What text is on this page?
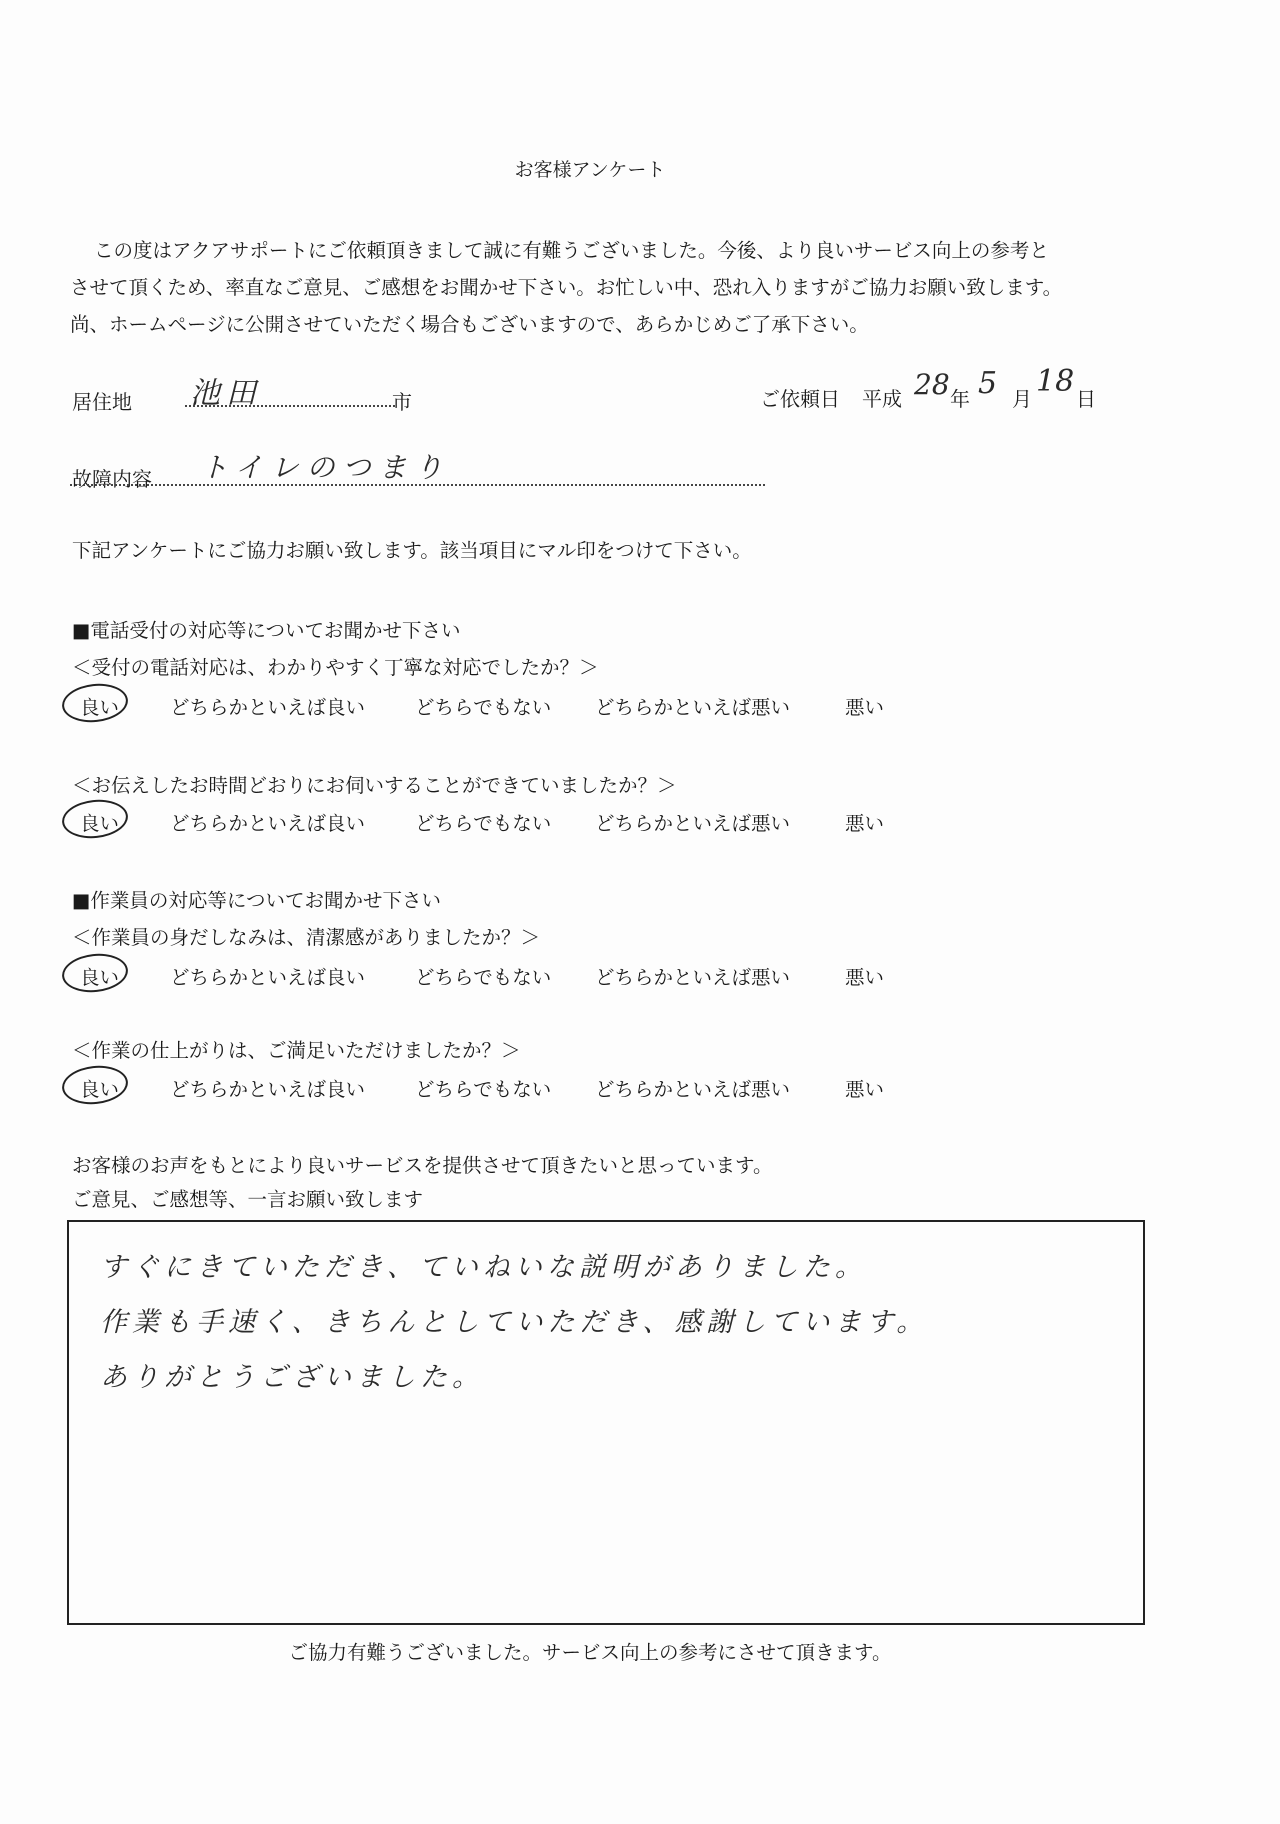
お客様アンケート

この度はアクアサポートにご依頼頂きまして誠に有難うございました。今後、より良いサービス向上の参考と

させて頂くため、率直なご意見、ご感想をお聞かせ下さい。お忙しい中、恐れ入りますがご協力お願い致します。

尚、ホームページに公開させていただく場合もございますので、あらかじめご了承下さい。

居住地 池田	市	ご依頼日 平成 28 年 5 月 18 日
故障内容 トイレのつまり
下記アンケートにご協力お願い致します。該当項目にマル印をつけて下さい。
■電話受付の対応等についてお聞かせ下さい
＜受付の電話対応は、わかりやすく丁寧な対応でしたか？＞
良い	どちらかといえば良い	どちらでもない	どちらかといえば悪い	悪い
＜お伝えしたお時間どおりにお伺いすることができていましたか？＞
良い	どちらかといえば良い	どちらでもない	どちらかといえば悪い	悪い
■作業員の対応等についてお聞かせ下さい
＜作業員の身だしなみは、清潔感がありましたか？＞
良い	どちらかといえば良い	どちらでもない	どちらかといえば悪い	悪い
＜作業の仕上がりは、ご満足いただけましたか？＞
良い	どちらかといえば良い	どちらでもない	どちらかといえば悪い	悪い
お客様のお声をもとにより良いサービスを提供させて頂きたいと思っています。
ご意見、ご感想等、一言お願い致します
すぐにきていただき、ていねいな説明がありました。
作業も手速く、きちんとしていただき、感謝しています。
ありがとうございました。
ご協力有難うございました。サービス向上の参考にさせて頂きます。
